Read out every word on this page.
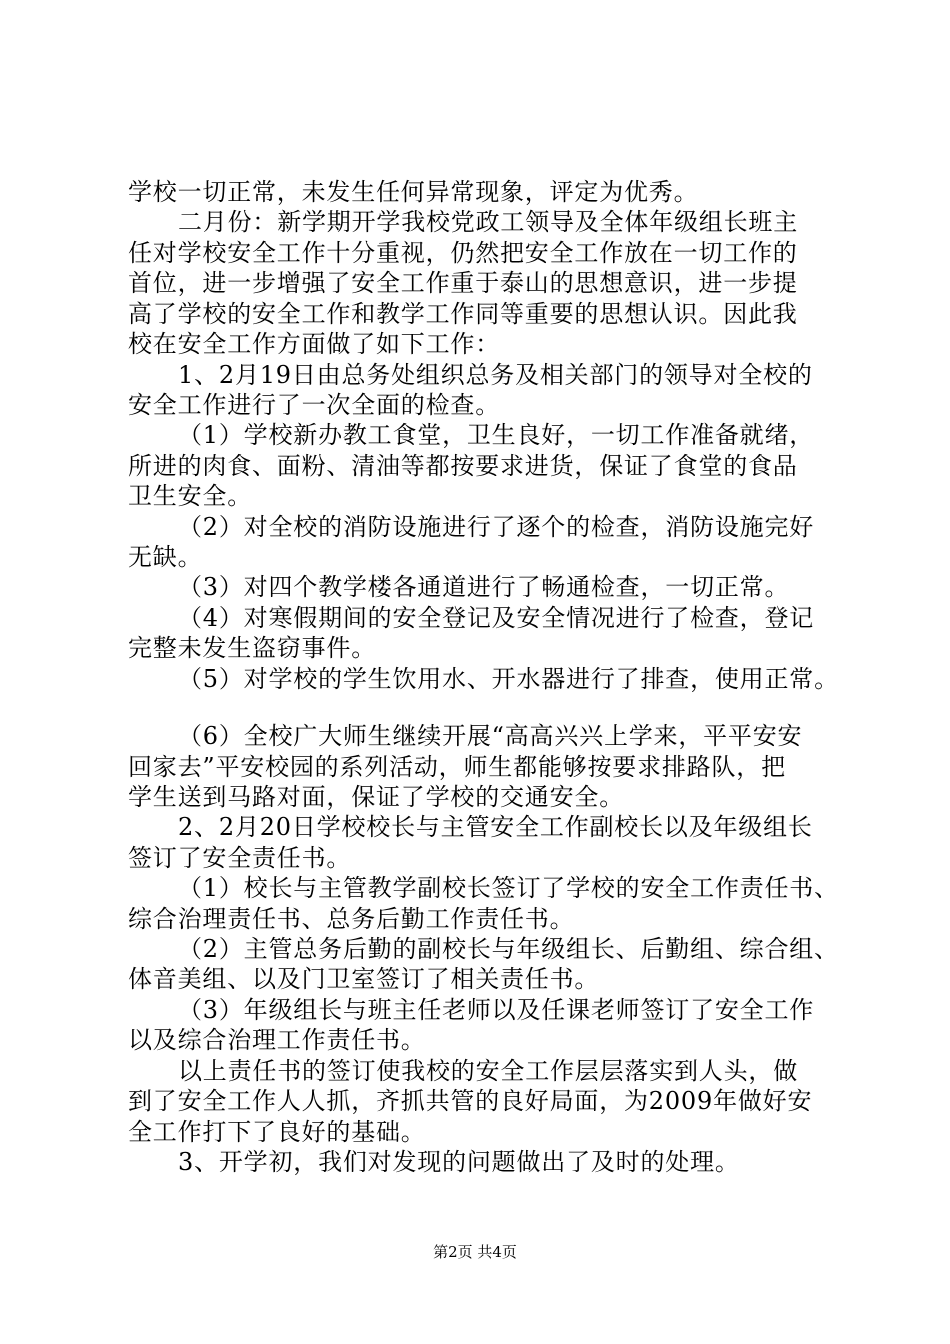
学校一切正常，未发生任何异常现象，评定为优秀。
二月份：新学期开学我校党政工领导及全体年级组长班主
任对学校安全工作十分重视，仍然把安全工作放在一切工作的
首位，进一步增强了安全工作重于泰山的思想意识，进一步提
高了学校的安全工作和教学工作同等重要的思想认识。因此我
校在安全工作方面做了如下工作：
1、2月19日由总务处组织总务及相关部门的领导对全校的
安全工作进行了一次全面的检查。
（1）学校新办教工食堂，卫生良好，一切工作准备就绪，
所进的肉食、面粉、清油等都按要求进货，保证了食堂的食品
卫生安全。
（2）对全校的消防设施进行了逐个的检查，消防设施完好
无缺。
（3）对四个教学楼各通道进行了畅通检查，一切正常。
（4）对寒假期间的安全登记及安全情况进行了检查，登记
完整未发生盗窃事件。
（5）对学校的学生饮用水、开水器进行了排查，使用正常。
（6）全校广大师生继续开展“高高兴兴上学来，平平安安
回家去”平安校园的系列活动，师生都能够按要求排路队，把
学生送到马路对面，保证了学校的交通安全。
2、2月20日学校校长与主管安全工作副校长以及年级组长
签订了安全责任书。
（1）校长与主管教学副校长签订了学校的安全工作责任书、
综合治理责任书、总务后勤工作责任书。
（2）主管总务后勤的副校长与年级组长、后勤组、综合组、
体音美组、以及门卫室签订了相关责任书。
（3）年级组长与班主任老师以及任课老师签订了安全工作
以及综合治理工作责任书。
以上责任书的签订使我校的安全工作层层落实到人头，做
到了安全工作人人抓，齐抓共管的良好局面，为2009年做好安
全工作打下了良好的基础。
3、开学初，我们对发现的问题做出了及时的处理。
第2页 共4页
